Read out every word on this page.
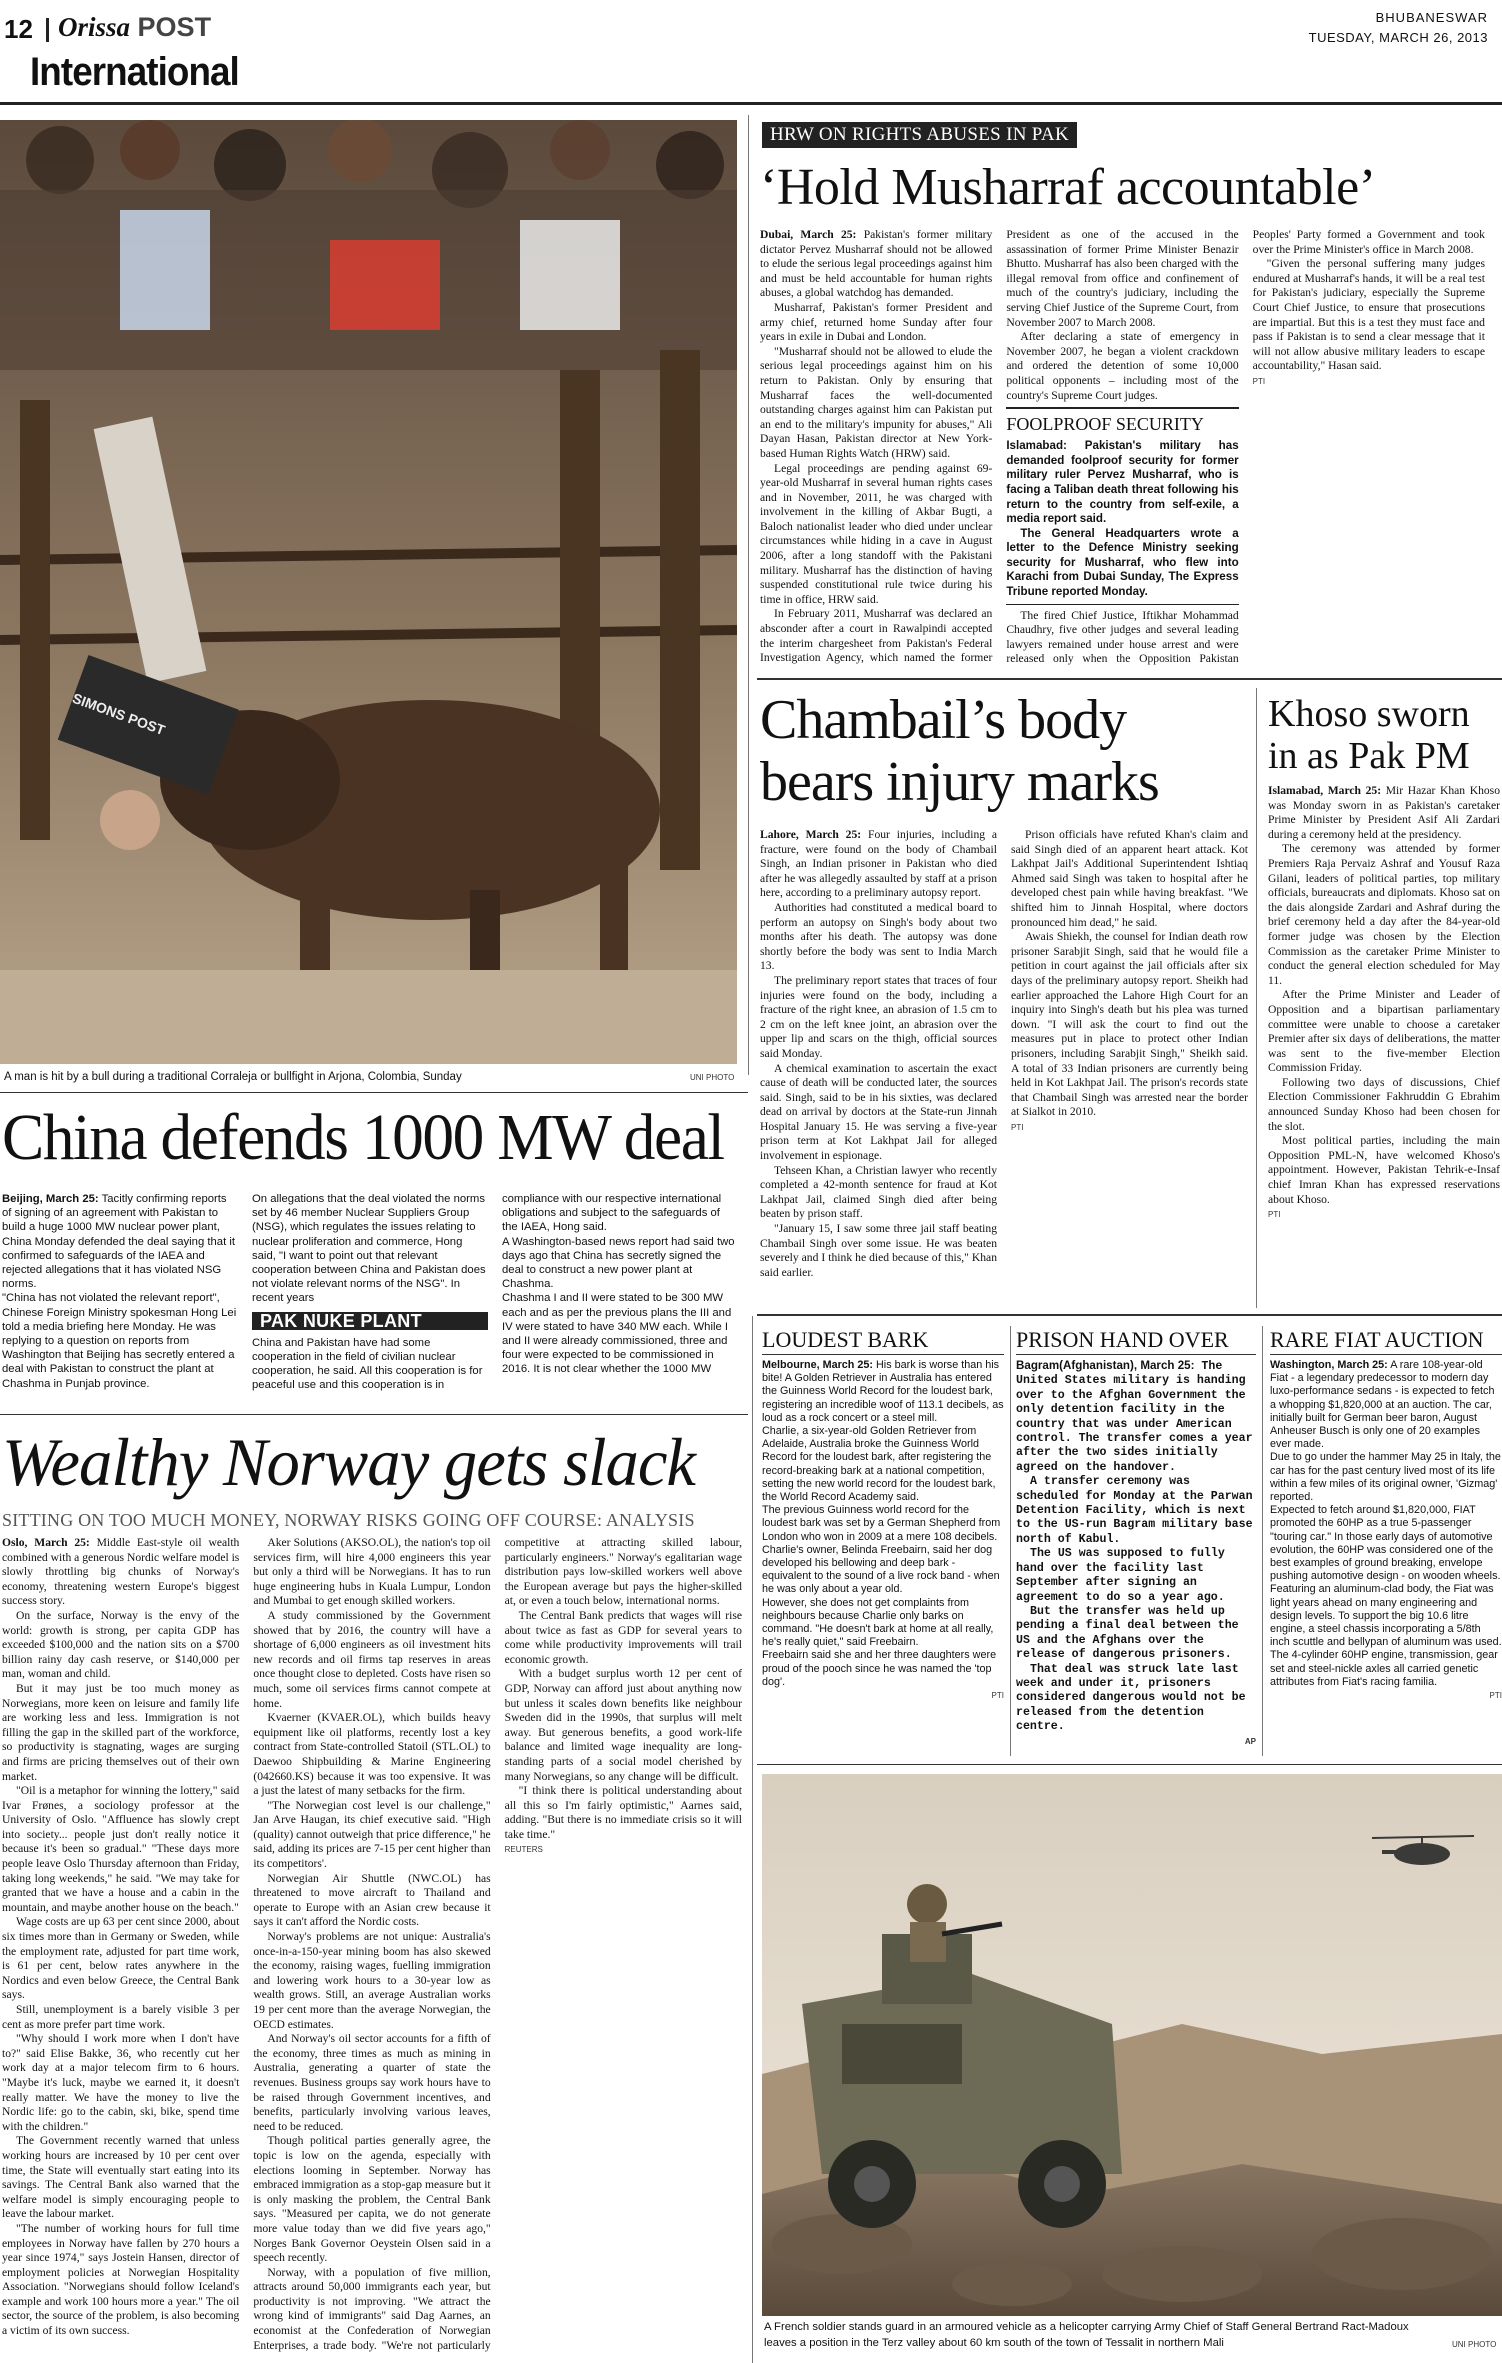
12 Orissa POST
International
BHUBANESWAR
TUESDAY, MARCH 26, 2013
SIMONS POST
A man is hit by a bull during a traditional Corraleja or bullfight in Arjona, Colombia, Sunday	UNI PHOTO
HRW ON RIGHTS ABUSES IN PAK
‘Hold Musharraf accountable’

Dubai, March 25: Pakistan's former military dictator Pervez Musharraf should not be allowed to elude the serious legal proceedings against him and must be held accountable for human rights abuses, a global watchdog has demanded.

Musharraf, Pakistan's former President and army chief, returned home Sunday after four years in exile in Dubai and London.

"Musharraf should not be allowed to elude the serious legal proceedings against him on his return to Pakistan. Only by ensuring that Musharraf faces the well-documented outstanding charges against him can Pakistan put an end to the military's impunity for abuses," Ali Dayan Hasan, Pakistan director at New York-based Human Rights Watch (HRW) said.

Legal proceedings are pending against 69-year-old Musharraf in several human rights cases and in November, 2011, he was charged with involvement in the killing of Akbar Bugti, a Baloch nationalist leader who died under unclear circumstances while hiding in a cave in August 2006, after a long standoff with the Pakistani military. Musharraf has the distinction of having suspended constitutional rule twice during his time in office, HRW said.

In February 2011, Musharraf was declared an absconder after a court in Rawalpindi accepted the interim chargesheet from Pakistan's Federal Investigation Agency, which named the former President as one of the accused in the assassination of former Prime Minister Benazir Bhutto. Musharraf has also been charged with the illegal removal from office and confinement of much of the country's judiciary, including the serving Chief Justice of the Supreme Court, from November 2007 to March 2008.

After declaring a state of emergency in November 2007, he began a violent crackdown and ordered the detention of some 10,000 political opponents – including most of the country's Supreme Court judges.

FOOLPROOF SECURITY

Islamabad: Pakistan's military has demanded foolproof security for former military ruler Pervez Musharraf, who is facing a Taliban death threat following his return to the country from self-exile, a media report said.

The General Headquarters wrote a letter to the Defence Ministry seeking security for Musharraf, who flew into Karachi from Dubai Sunday, The Express Tribune reported Monday.

The fired Chief Justice, Iftikhar Mohammad Chaudhry, five other judges and several leading lawyers remained under house arrest and were released only when the Opposition Pakistan Peoples' Party formed a Government and took over the Prime Minister's office in March 2008.

"Given the personal suffering many judges endured at Musharraf's hands, it will be a real test for Pakistan's judiciary, especially the Supreme Court Chief Justice, to ensure that prosecutions are impartial. But this is a test they must face and pass if Pakistan is to send a clear message that it will not allow abusive military leaders to escape accountability," Hasan said.

PTI
Chambail’s body
bears injury marks

Lahore, March 25: Four injuries, including a fracture, were found on the body of Chambail Singh, an Indian prisoner in Pakistan who died after he was allegedly assaulted by staff at a prison here, according to a preliminary autopsy report.

Authorities had constituted a medical board to perform an autopsy on Singh's body about two months after his death. The autopsy was done shortly before the body was sent to India March 13.

The preliminary report states that traces of four injuries were found on the body, including a fracture of the right knee, an abrasion of 1.5 cm to 2 cm on the left knee joint, an abrasion over the upper lip and scars on the thigh, official sources said Monday.

A chemical examination to ascertain the exact cause of death will be conducted later, the sources said. Singh, said to be in his sixties, was declared dead on arrival by doctors at the State-run Jinnah Hospital January 15. He was serving a five-year prison term at Kot Lakhpat Jail for alleged involvement in espionage.

Tehseen Khan, a Christian lawyer who recently completed a 42-month sentence for fraud at Kot Lakhpat Jail, claimed Singh died after being beaten by prison staff.

"January 15, I saw some three jail staff beating Chambail Singh over some issue. He was beaten severely and I think he died because of this," Khan said earlier.

Prison officials have refuted Khan's claim and said Singh died of an apparent heart attack. Kot Lakhpat Jail's Additional Superintendent Ishtiaq Ahmed said Singh was taken to hospital after he developed chest pain while having breakfast. "We shifted him to Jinnah Hospital, where doctors pronounced him dead," he said.

Awais Shiekh, the counsel for Indian death row prisoner Sarabjit Singh, said that he would file a petition in court against the jail officials after six days of the preliminary autopsy report. Sheikh had earlier approached the Lahore High Court for an inquiry into Singh's death but his plea was turned down. "I will ask the court to find out the measures put in place to protect other Indian prisoners, including Sarabjit Singh," Sheikh said. A total of 33 Indian prisoners are currently being held in Kot Lakhpat Jail. The prison's records state that Chambail Singh was arrested near the border at Sialkot in 2010.

PTI
Khoso sworn
in as Pak PM

Islamabad, March 25: Mir Hazar Khan Khoso was Monday sworn in as Pakistan's caretaker Prime Minister by President Asif Ali Zardari during a ceremony held at the presidency.

The ceremony was attended by former Premiers Raja Pervaiz Ashraf and Yousuf Raza Gilani, leaders of political parties, top military officials, bureaucrats and diplomats. Khoso sat on the dais alongside Zardari and Ashraf during the brief ceremony held a day after the 84-year-old former judge was chosen by the Election Commission as the caretaker Prime Minister to conduct the general election scheduled for May 11.

After the Prime Minister and Leader of Opposition and a bipartisan parliamentary committee were unable to choose a caretaker Premier after six days of deliberations, the matter was sent to the five-member Election Commission Friday.

Following two days of discussions, Chief Election Commissioner Fakhruddin G Ebrahim announced Sunday Khoso had been chosen for the slot.

Most political parties, including the main Opposition PML-N, have welcomed Khoso's appointment. However, Pakistan Tehrik-e-Insaf chief Imran Khan has expressed reservations about Khoso.

PTI
China defends 1000 MW deal

Beijing, March 25: Tacitly confirming reports of signing of an agreement with Pakistan to build a huge 1000 MW nuclear power plant, China Monday defended the deal saying that it confirmed to safeguards of the IAEA and rejected allegations that it has violated NSG norms.

"China has not violated the relevant report", Chinese Foreign Ministry spokesman Hong Lei told a media briefing here Monday. He was replying to a question on reports from Washington that Beijing has secretly entered a deal with Pakistan to construct the plant at Chashma in Punjab province.

On allegations that the deal violated the norms set by 46 member Nuclear Suppliers Group (NSG), which regulates the issues relating to nuclear proliferation and commerce, Hong said, "I want to point out that relevant cooperation between China and Pakistan does not violate relevant norms of the NSG". In recent years

PAK NUKE PLANT

China and Pakistan have had some cooperation in the field of civilian nuclear cooperation, he said. All this cooperation is for peaceful use and this cooperation is in compliance with our respective international obligations and subject to the safeguards of the IAEA, Hong said.

A Washington-based news report had said two days ago that China has secretly signed the deal to construct a new power plant at Chashma.

Chashma I and II were stated to be 300 MW each and as per the previous plans the III and IV were stated to have 340 MW each. While I and II were already commissioned, three and four were expected to be commissioned in 2016. It is not clear whether the 1000 MW

Wealthy Norway gets slack
SITTING ON TOO MUCH MONEY, NORWAY RISKS GOING OFF COURSE: ANALYSIS

Oslo, March 25: Middle East-style oil wealth combined with a generous Nordic welfare model is slowly throttling big chunks of Norway's economy, threatening western Europe's biggest success story.

On the surface, Norway is the envy of the world: growth is strong, per capita GDP has exceeded $100,000 and the nation sits on a $700 billion rainy day cash reserve, or $140,000 per man, woman and child.

But it may just be too much money as Norwegians, more keen on leisure and family life are working less and less. Immigration is not filling the gap in the skilled part of the workforce, so productivity is stagnating, wages are surging and firms are pricing themselves out of their own market.

"Oil is a metaphor for winning the lottery," said Ivar Frønes, a sociology professor at the University of Oslo. "Affluence has slowly crept into society... people just don't really notice it because it's been so gradual." "These days more people leave Oslo Thursday afternoon than Friday, taking long weekends," he said. "We may take for granted that we have a house and a cabin in the mountain, and maybe another house on the beach."

Wage costs are up 63 per cent since 2000, about six times more than in Germany or Sweden, while the employment rate, adjusted for part time work, is 61 per cent, below rates anywhere in the Nordics and even below Greece, the Central Bank says.

Still, unemployment is a barely visible 3 per cent as more prefer part time work.

"Why should I work more when I don't have to?" said Elise Bakke, 36, who recently cut her work day at a major telecom firm to 6 hours. "Maybe it's luck, maybe we earned it, it doesn't really matter. We have the money to live the Nordic life: go to the cabin, ski, bike, spend time with the children."

The Government recently warned that unless working hours are increased by 10 per cent over time, the State will eventually start eating into its savings. The Central Bank also warned that the welfare model is simply encouraging people to leave the labour market.

"The number of working hours for full time employees in Norway have fallen by 270 hours a year since 1974," says Jostein Hansen, director of employment policies at Norwegian Hospitality Association. "Norwegians should follow Iceland's example and work 100 hours more a year." The oil sector, the source of the problem, is also becoming a victim of its own success.

Aker Solutions (AKSO.OL), the nation's top oil services firm, will hire 4,000 engineers this year but only a third will be Norwegians. It has to run huge engineering hubs in Kuala Lumpur, London and Mumbai to get enough skilled workers.

A study commissioned by the Government showed that by 2016, the country will have a shortage of 6,000 engineers as oil investment hits new records and oil firms tap reserves in areas once thought close to depleted. Costs have risen so much, some oil services firms cannot compete at home.

Kvaerner (KVAER.OL), which builds heavy equipment like oil platforms, recently lost a key contract from State-controlled Statoil (STL.OL) to Daewoo Shipbuilding & Marine Engineering (042660.KS) because it was too expensive. It was a just the latest of many setbacks for the firm.

"The Norwegian cost level is our challenge," Jan Arve Haugan, its chief executive said. "High (quality) cannot outweigh that price difference," he said, adding its prices are 7-15 per cent higher than its competitors'.

Norwegian Air Shuttle (NWC.OL) has threatened to move aircraft to Thailand and operate to Europe with an Asian crew because it says it can't afford the Nordic costs.

Norway's problems are not unique: Australia's once-in-a-150-year mining boom has also skewed the economy, raising wages, fuelling immigration and lowering work hours to a 30-year low as wealth grows. Still, an average Australian works 19 per cent more than the average Norwegian, the OECD estimates.

And Norway's oil sector accounts for a fifth of the economy, three times as much as mining in Australia, generating a quarter of state the revenues. Business groups say work hours have to be raised through Government incentives, and benefits, particularly involving various leaves, need to be reduced.

Though political parties generally agree, the topic is low on the agenda, especially with elections looming in September. Norway has embraced immigration as a stop-gap measure but it is only masking the problem, the Central Bank says. "Measured per capita, we do not generate more value today than we did five years ago," Norges Bank Governor Oeystein Olsen said in a speech recently.

Norway, with a population of five million, attracts around 50,000 immigrants each year, but productivity is not improving. "We attract the wrong kind of immigrants" said Dag Aarnes, an economist at the Confederation of Norwegian Enterprises, a trade body. "We're not particularly competitive at attracting skilled labour, particularly engineers." Norway's egalitarian wage distribution pays low-skilled workers well above the European average but pays the higher-skilled at, or even a touch below, international norms.

The Central Bank predicts that wages will rise about twice as fast as GDP for several years to come while productivity improvements will trail economic growth.

With a budget surplus worth 12 per cent of GDP, Norway can afford just about anything now but unless it scales down benefits like neighbour Sweden did in the 1990s, that surplus will melt away. But generous benefits, a good work-life balance and limited wage inequality are long-standing parts of a social model cherished by many Norwegians, so any change will be difficult.

"I think there is political understanding about all this so I'm fairly optimistic," Aarnes said, adding. "But there is no immediate crisis so it will take time."

REUTERS
LOUDEST BARK

Melbourne, March 25: His bark is worse than his bite! A Golden Retriever in Australia has entered the Guinness World Record for the loudest bark, registering an incredible woof of 113.1 decibels, as loud as a rock concert or a steel mill.

Charlie, a six-year-old Golden Retriever from Adelaide, Australia broke the Guinness World Record for the loudest bark, after registering the record-breaking bark at a national competition, setting the new world record for the loudest bark, the World Record Academy said.

The previous Guinness world record for the loudest bark was set by a German Shepherd from London who won in 2009 at a mere 108 decibels.

Charlie's owner, Belinda Freebairn, said her dog developed his bellowing and deep bark - equivalent to the sound of a live rock band - when he was only about a year old.

However, she does not get complaints from neighbours because Charlie only barks on command. "He doesn't bark at home at all really, he's really quiet," said Freebairn.

Freebairn said she and her three daughters were proud of the pooch since he was named the 'top dog'.

PTI
PRISON HAND OVER

Bagram(Afghanistan), March 25: The United States military is handing over to the Afghan Government the only detention facility in the country that was under American control. The transfer comes a year after the two sides initially agreed on the handover.

A transfer ceremony was scheduled for Monday at the Parwan Detention Facility, which is next to the US-run Bagram military base north of Kabul.

The US was supposed to fully hand over the facility last September after signing an agreement to do so a year ago.

But the transfer was held up pending a final deal between the US and the Afghans over the release of dangerous prisoners.

That deal was struck late last week and under it, prisoners considered dangerous would not be released from the detention centre.

AP
RARE FIAT AUCTION

Washington, March 25: A rare 108-year-old Fiat - a legendary predecessor to modern day luxo-performance sedans - is expected to fetch a whopping $1,820,000 at an auction. The car, initially built for German beer baron, August Anheuser Busch is only one of 20 examples ever made.

Due to go under the hammer May 25 in Italy, the car has for the past century lived most of its life within a few miles of its original owner, 'Gizmag' reported.

Expected to fetch around $1,820,000, FIAT promoted the 60HP as a true 5-passenger "touring car." In those early days of automotive evolution, the 60HP was considered one of the best examples of ground breaking, envelope pushing automotive design - on wooden wheels.

Featuring an aluminum-clad body, the Fiat was light years ahead on many engineering and design levels. To support the big 10.6 litre engine, a steel chassis incorporating a 5/8th inch scuttle and bellypan of aluminum was used.

The 4-cylinder 60HP engine, transmission, gear set and steel-nickle axles all carried genetic attributes from Fiat's racing familia.

PTI
A French soldier stands guard in an armoured vehicle as a helicopter carrying Army Chief of Staff General Bertrand Ract-Madoux
leaves a position in the Terz valley about 60 km south of the town of Tessalit in northern Mali	UNI PHOTO
